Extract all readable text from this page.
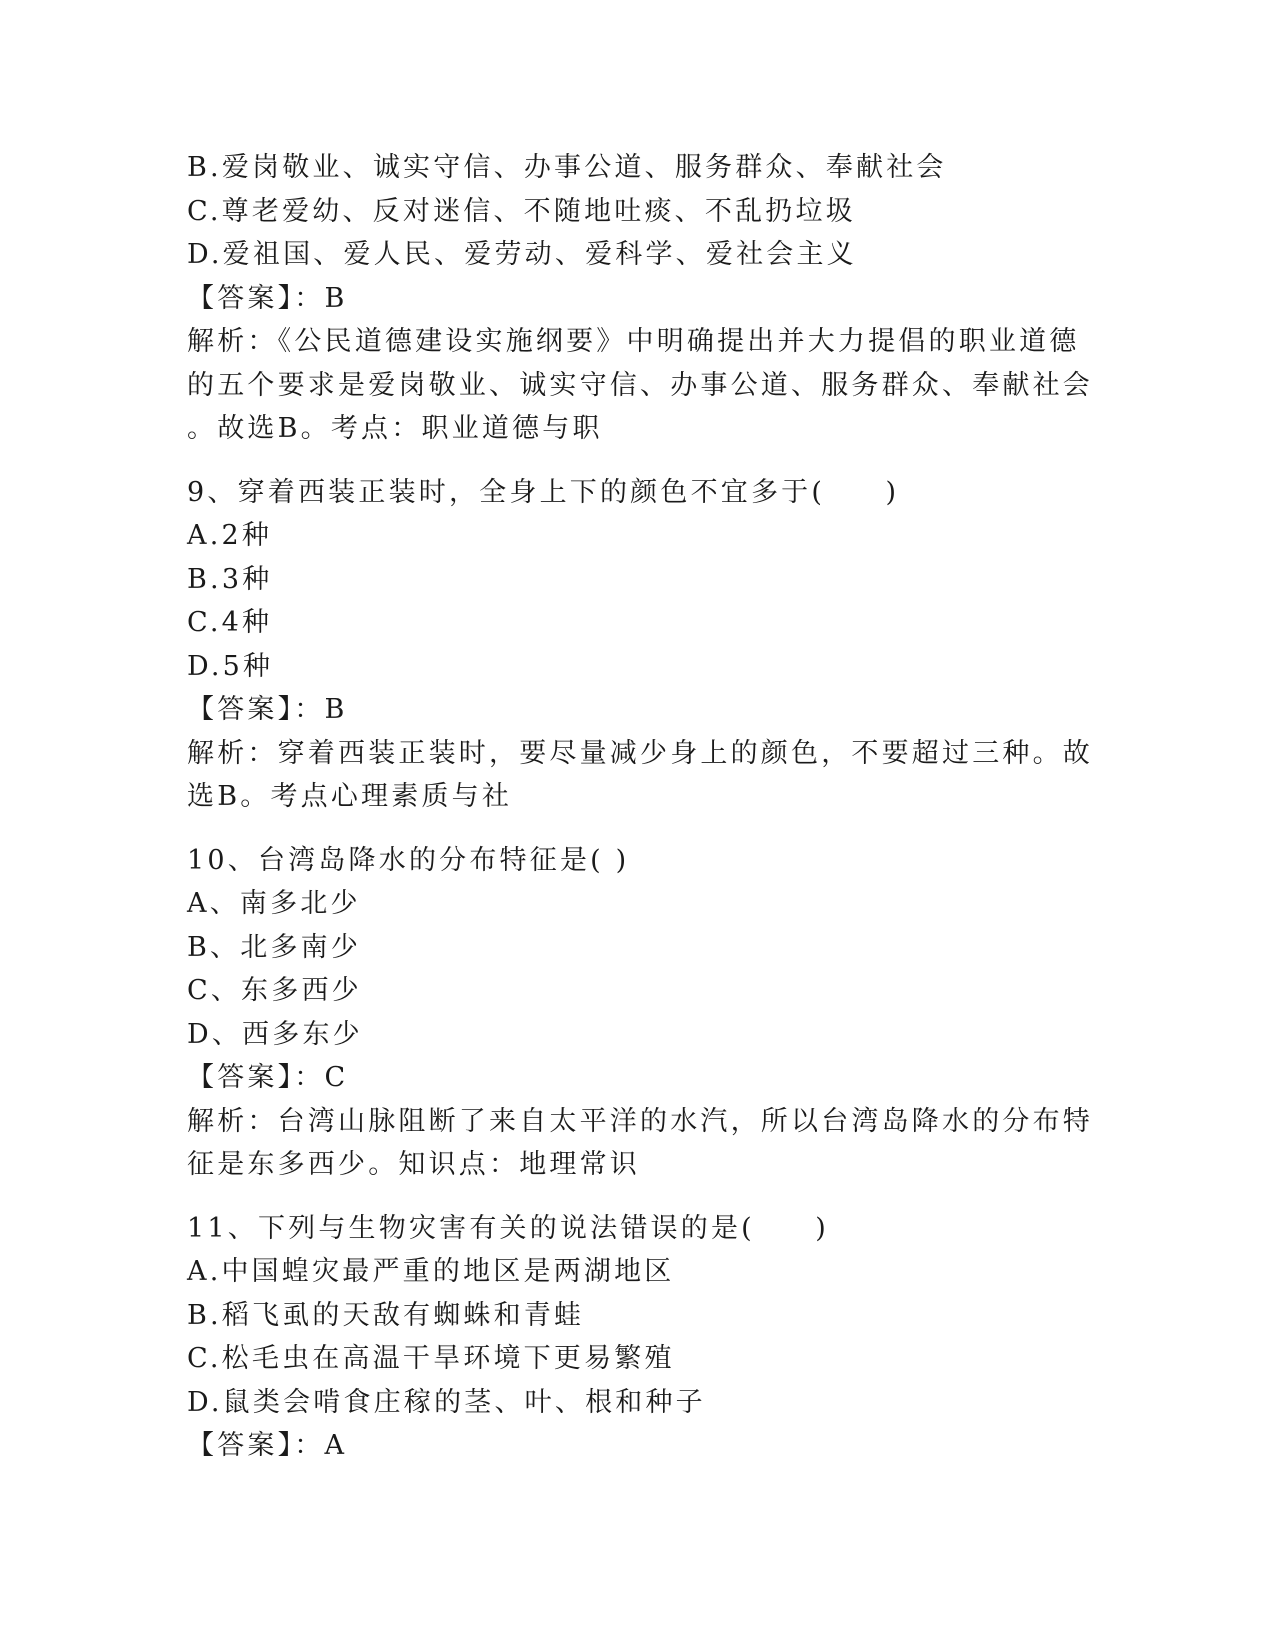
B.爱岗敬业、诚实守信、办事公道、服务群众、奉献社会
C.尊老爱幼、反对迷信、不随地吐痰、不乱扔垃圾
D.爱祖国、爱人民、爱劳动、爱科学、爱社会主义
【答案】：B
解析：《公民道德建设实施纲要》中明确提出并大力提倡的职业道德
的五个要求是爱岗敬业、诚实守信、办事公道、服务群众、奉献社会
。故选B。考点：职业道德与职
9、穿着西装正装时，全身上下的颜色不宜多于(　　)
A.2种
B.3种
C.4种
D.5种
【答案】：B
解析：穿着西装正装时，要尽量减少身上的颜色，不要超过三种。故
选B。考点心理素质与社
10、台湾岛降水的分布特征是( )
A、南多北少
B、北多南少
C、东多西少
D、西多东少
【答案】：C
解析：台湾山脉阻断了来自太平洋的水汽，所以台湾岛降水的分布特
征是东多西少。知识点：地理常识
11、下列与生物灾害有关的说法错误的是(　　)
A.中国蝗灾最严重的地区是两湖地区
B.稻飞虱的天敌有蜘蛛和青蛙
C.松毛虫在高温干旱环境下更易繁殖
D.鼠类会啃食庄稼的茎、叶、根和种子
【答案】：A
